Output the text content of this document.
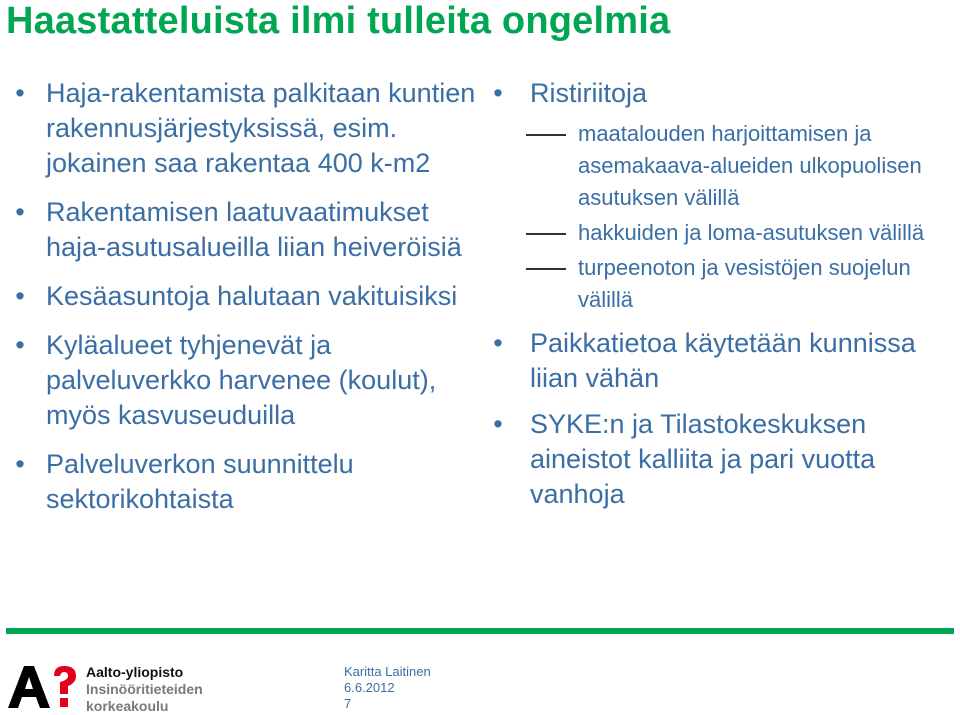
Haastatteluista ilmi tulleita ongelmia
• Haja-rakentamista palkitaan kuntien rakennusjärjestyksissä, esim. jokainen saa rakentaa 400 k-m2
• Rakentamisen laatuvaatimukset haja-asutusalueilla liian heiveröisiä
• Kesäasuntoja halutaan vakituisiksi
• Kyläalueet tyhjenevät ja palveluverkko harvenee (koulut), myös kasvuseuduilla
• Palveluverkon suunnittelu sektorikohtaista
• Ristiriitoja
maatalouden harjoittamisen ja asemakaava-alueiden ulkopuolisen asutuksen välillä
hakkuiden ja loma-asutuksen välillä
turpeenoton ja vesistöjen suojelun välillä
• Paikkatietoa käytetään kunnissa liian vähän
• SYKE:n ja Tilastokeskuksen aineistot kalliita ja pari vuotta vanhoja
Aalto-yliopisto
Insinööritieteiden
korkeakoulu
Karitta Laitinen
6.6.2012
7
